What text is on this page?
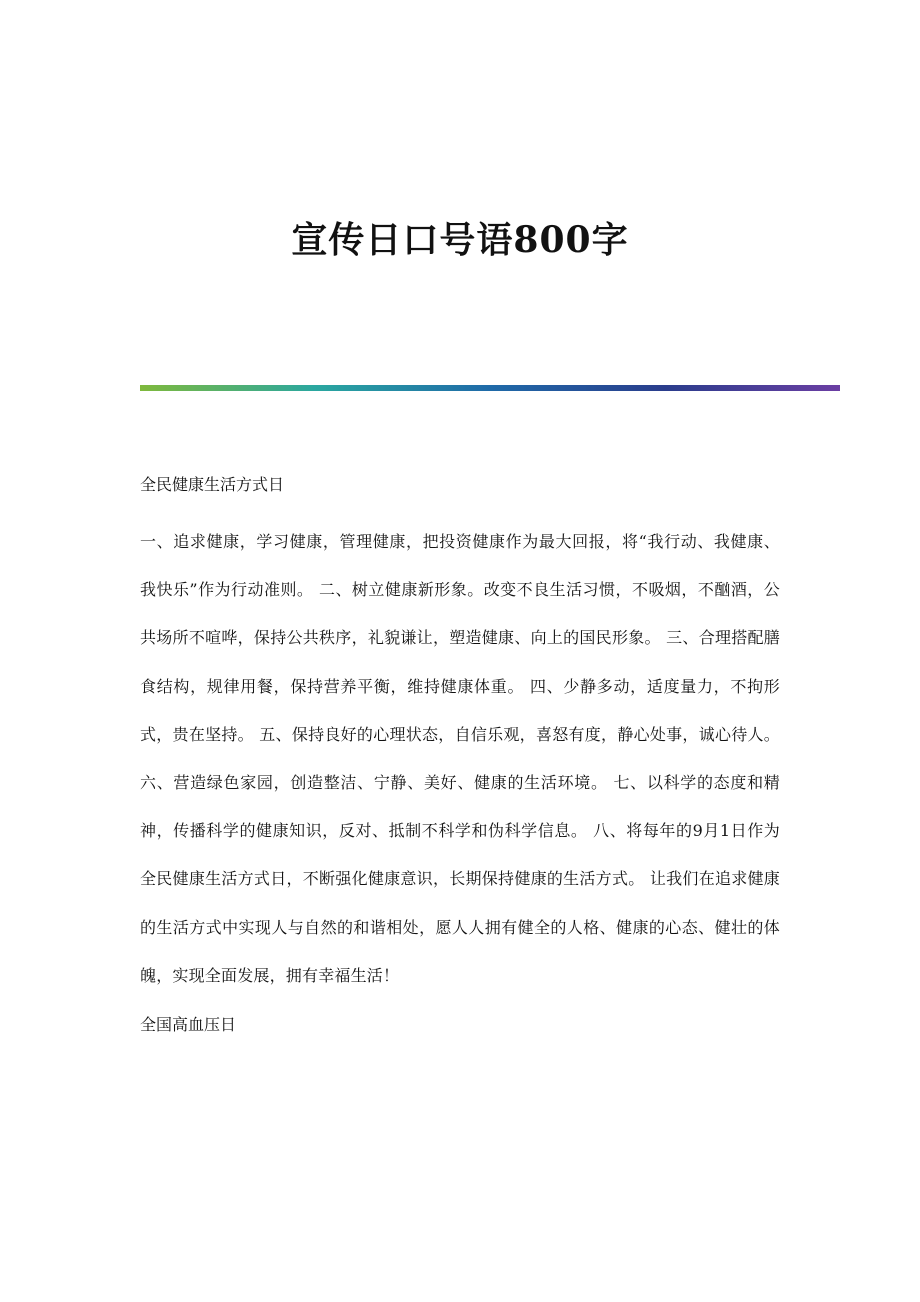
宣传日口号语800字

全民健康生活方式日

一、追求健康，学习健康，管理健康，把投资健康作为最大回报，将“我行动、我健康、我快乐”作为行动准则。 二、树立健康新形象。改变不良生活习惯，不吸烟，不酗酒，公共场所不喧哗，保持公共秩序，礼貌谦让，塑造健康、向上的国民形象。 三、合理搭配膳食结构，规律用餐，保持营养平衡，维持健康体重。 四、少静多动，适度量力，不拘形式，贵在坚持。 五、保持良好的心理状态，自信乐观，喜怒有度，静心处事，诚心待人。 六、营造绿色家园，创造整洁、宁静、美好、健康的生活环境。 七、以科学的态度和精神，传播科学的健康知识，反对、抵制不科学和伪科学信息。 八、将每年的9月1日作为全民健康生活方式日，不断强化健康意识，长期保持健康的生活方式。 让我们在追求健康的生活方式中实现人与自然的和谐相处，愿人人拥有健全的人格、健康的心态、健壮的体魄，实现全面发展，拥有幸福生活！

全国高血压日
